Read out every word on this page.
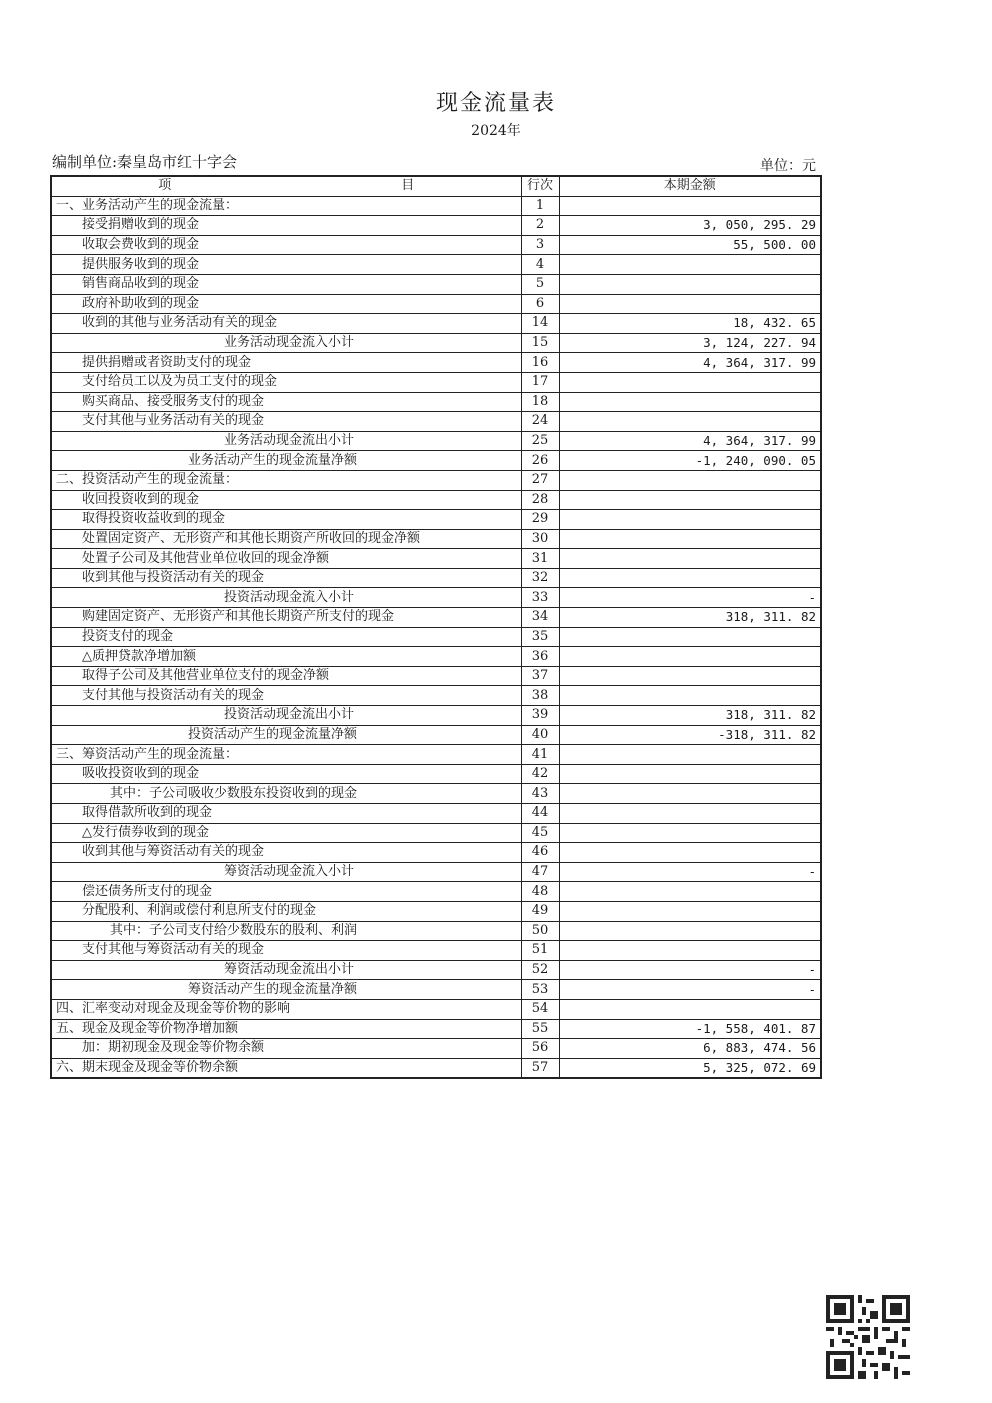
现金流量表
2024年
编制单位:秦皇岛市红十字会	单位：元
项 目	行次	本期金额
一、业务活动产生的现金流量：	1	
接受捐赠收到的现金	2	3, 050, 295. 29
收取会费收到的现金	3	55, 500. 00
提供服务收到的现金	4	
销售商品收到的现金	5	
政府补助收到的现金	6	
收到的其他与业务活动有关的现金	14	18, 432. 65
业务活动现金流入小计	15	3, 124, 227. 94
提供捐赠或者资助支付的现金	16	4, 364, 317. 99
支付给员工以及为员工支付的现金	17	
购买商品、接受服务支付的现金	18	
支付其他与业务活动有关的现金	24	
业务活动现金流出小计	25	4, 364, 317. 99
业务活动产生的现金流量净额	26	-1, 240, 090. 05
二、投资活动产生的现金流量：	27	
收回投资收到的现金	28	
取得投资收益收到的现金	29	
处置固定资产、无形资产和其他长期资产所收回的现金净额	30	
处置子公司及其他营业单位收回的现金净额	31	
收到其他与投资活动有关的现金	32	
投资活动现金流入小计	33	-
购建固定资产、无形资产和其他长期资产所支付的现金	34	318, 311. 82
投资支付的现金	35	
△质押贷款净增加额	36	
取得子公司及其他营业单位支付的现金净额	37	
支付其他与投资活动有关的现金	38	
投资活动现金流出小计	39	318, 311. 82
投资活动产生的现金流量净额	40	-318, 311. 82
三、筹资活动产生的现金流量：	41	
吸收投资收到的现金	42	
其中：子公司吸收少数股东投资收到的现金	43	
取得借款所收到的现金	44	
△发行债券收到的现金	45	
收到其他与筹资活动有关的现金	46	
筹资活动现金流入小计	47	-
偿还债务所支付的现金	48	
分配股利、利润或偿付利息所支付的现金	49	
其中：子公司支付给少数股东的股利、利润	50	
支付其他与筹资活动有关的现金	51	
筹资活动现金流出小计	52	-
筹资活动产生的现金流量净额	53	-
四、汇率变动对现金及现金等价物的影响	54	
五、现金及现金等价物净增加额	55	-1, 558, 401. 87
加：期初现金及现金等价物余额	56	6, 883, 474. 56
六、期末现金及现金等价物余额	57	5, 325, 072. 69
